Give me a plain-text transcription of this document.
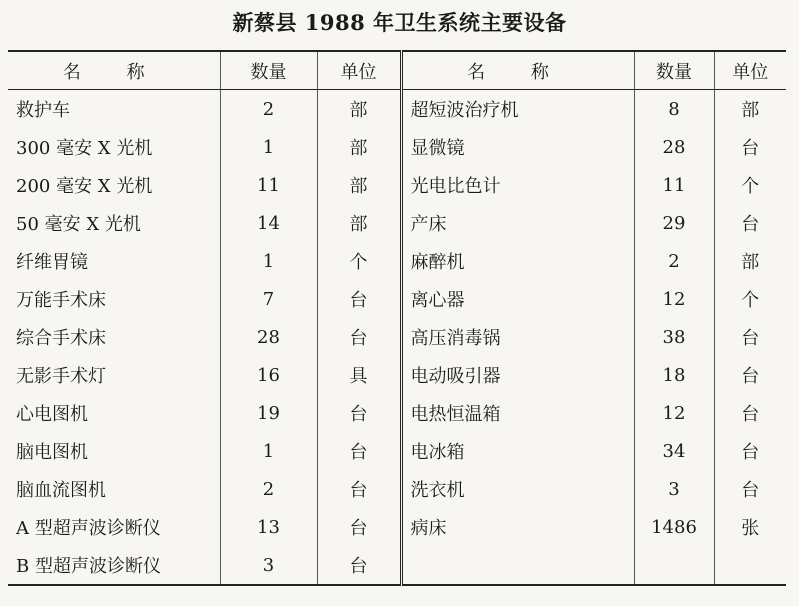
新蔡县 1988 年卫生系统主要设备
名 称	数量	单位	名 称	数量	单位
救护车	2	部	超短波治疗机	8	部
300 毫安 X 光机	1	部	显微镜	28	台
200 毫安 X 光机	11	部	光电比色计	11	个
50 毫安 X 光机	14	部	产床	29	台
纤维胃镜	1	个	麻醉机	2	部
万能手术床	7	台	离心器	12	个
综合手术床	28	台	高压消毒锅	38	台
无影手术灯	16	具	电动吸引器	18	台
心电图机	19	台	电热恒温箱	12	台
脑电图机	1	台	电冰箱	34	台
脑血流图机	2	台	洗衣机	3	台
A 型超声波诊断仪	13	台	病床	1486	张
B 型超声波诊断仪	3	台			
